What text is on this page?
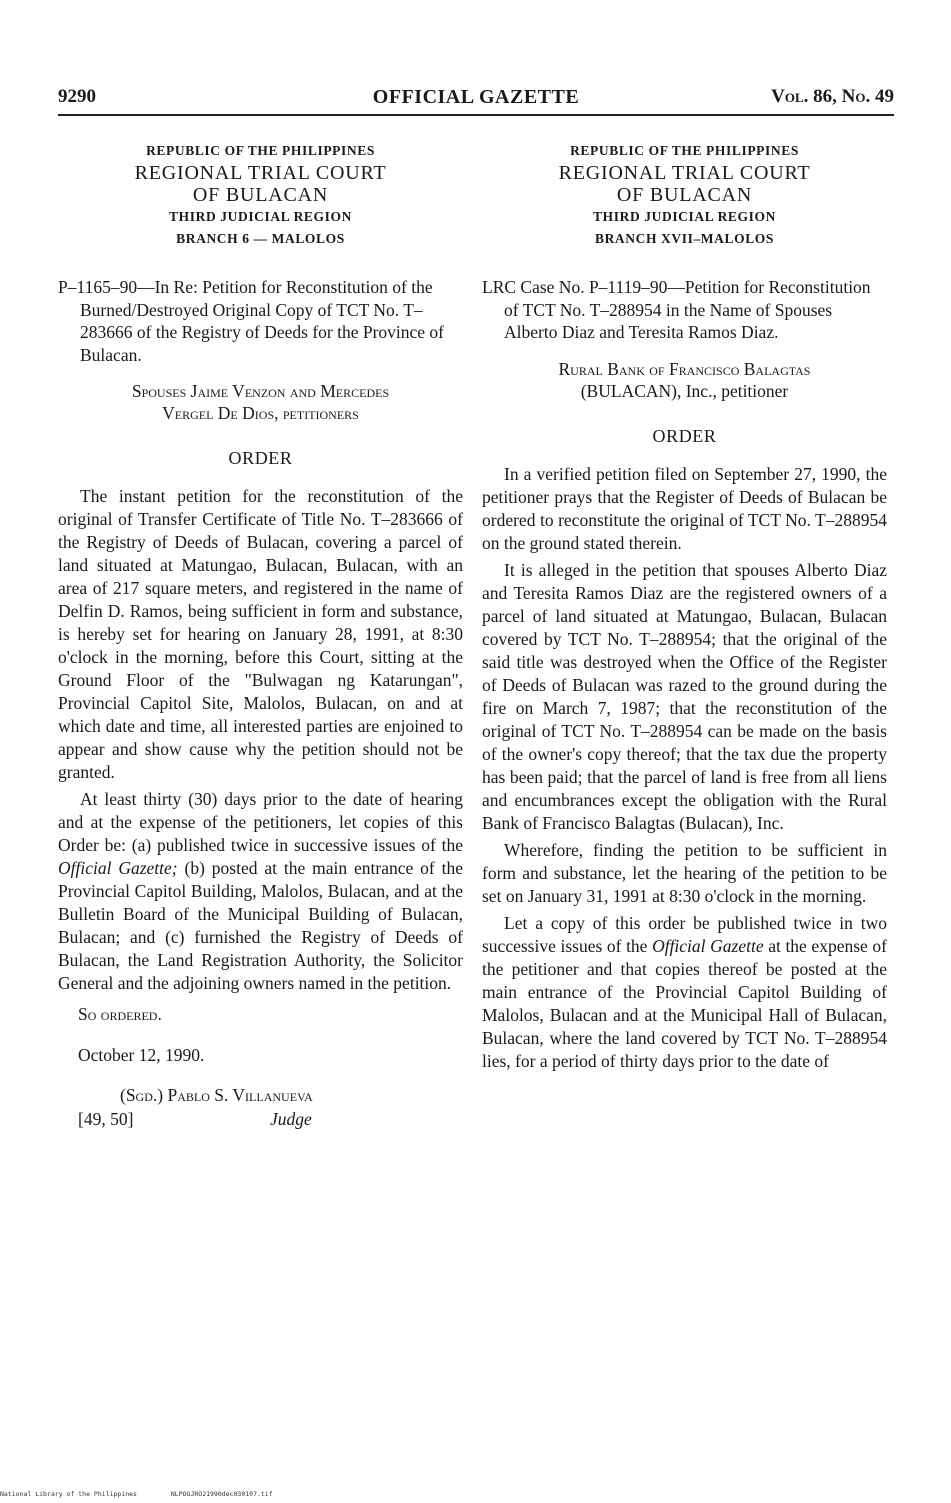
9290	OFFICIAL GAZETTE	Vol. 86, No. 49
REPUBLIC OF THE PHILIPPINES
REGIONAL TRIAL COURT
OF BULACAN
THIRD JUDICIAL REGION
BRANCH 6 — MALOLOS

P–1165–90—In Re: Petition for Reconstitution of the Burned/Destroyed Original Copy of TCT No. T–283666 of the Registry of Deeds for the Province of Bulacan.

Spouses Jaime Venzon and Mercedes
Vergel De Dios, petitioners
ORDER

The instant petition for the reconstitution of the original of Transfer Certificate of Title No. T–283666 of the Registry of Deeds of Bulacan, covering a parcel of land situated at Matungao, Bulacan, Bulacan, with an area of 217 square meters, and registered in the name of Delfin D. Ramos, being sufficient in form and substance, is hereby set for hearing on January 28, 1991, at 8:30 o'clock in the morning, before this Court, sitting at the Ground Floor of the "Bulwagan ng Katarungan", Provincial Capitol Site, Malolos, Bulacan, on and at which date and time, all interested parties are enjoined to appear and show cause why the petition should not be granted.

At least thirty (30) days prior to the date of hearing and at the expense of the petitioners, let copies of this Order be: (a) published twice in successive issues of the Official Gazette; (b) posted at the main entrance of the Provincial Capitol Building, Malolos, Bulacan, and at the Bulletin Board of the Municipal Building of Bulacan, Bulacan; and (c) furnished the Registry of Deeds of Bulacan, the Land Registration Authority, the Solicitor General and the adjoining owners named in the petition.

So ordered.

October 12, 1990.

(Sgd.) Pablo S. Villanueva
[49, 50]	Judge
REPUBLIC OF THE PHILIPPINES
REGIONAL TRIAL COURT
OF BULACAN
THIRD JUDICIAL REGION
BRANCH XVII–MALOLOS

LRC Case No. P–1119–90—Petition for Reconstitution of TCT No. T–288954 in the Name of Spouses Alberto Diaz and Teresita Ramos Diaz.

Rural Bank of Francisco Balagtas
(BULACAN), Inc., petitioner
ORDER

In a verified petition filed on September 27, 1990, the petitioner prays that the Register of Deeds of Bulacan be ordered to reconstitute the original of TCT No. T–288954 on the ground stated therein.

It is alleged in the petition that spouses Alberto Diaz and Teresita Ramos Diaz are the registered owners of a parcel of land situated at Matungao, Bulacan, Bulacan covered by TCT No. T–288954; that the original of the said title was destroyed when the Office of the Register of Deeds of Bulacan was razed to the ground during the fire on March 7, 1987; that the reconstitution of the original of TCT No. T–288954 can be made on the basis of the owner's copy thereof; that the tax due the property has been paid; that the parcel of land is free from all liens and encumbrances except the obligation with the Rural Bank of Francisco Balagtas (Bulacan), Inc.

Wherefore, finding the petition to be sufficient in form and substance, let the hearing of the petition to be set on January 31, 1991 at 8:30 o'clock in the morning.

Let a copy of this order be published twice in two successive issues of the Official Gazette at the expense of the petitioner and that copies thereof be posted at the main entrance of the Provincial Capitol Building of Malolos, Bulacan and at the Municipal Hall of Bulacan, Bulacan, where the land covered by TCT No. T–288954 lies, for a period of thirty days prior to the date of

National Library of the Philippines	NLPOGJRO21990dec030107.tif
